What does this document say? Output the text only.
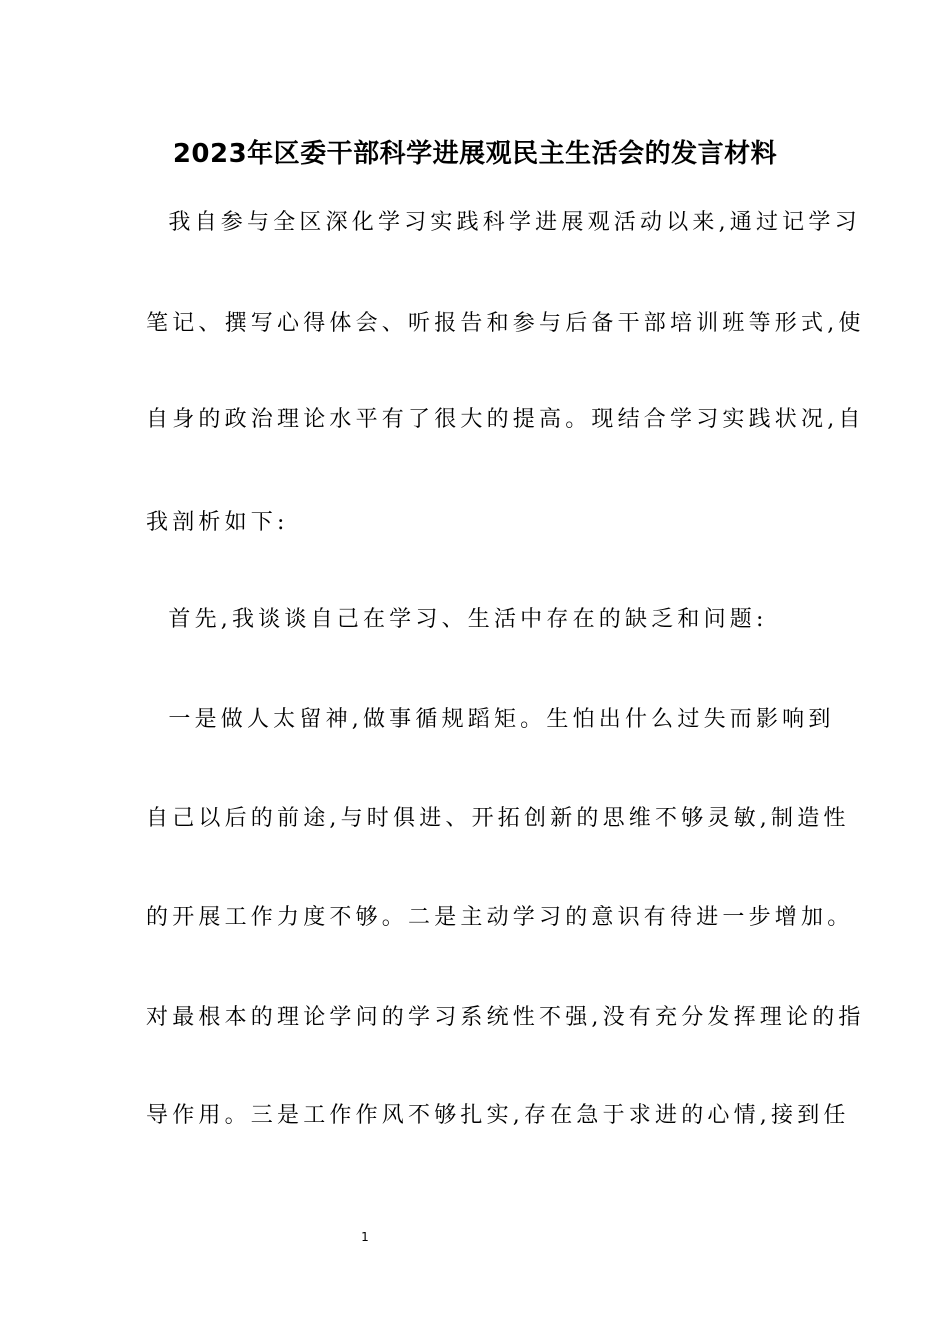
2023年区委干部科学进展观民主生活会的发言材料
我自参与全区深化学习实践科学进展观活动以来,通过记学习
笔记、撰写心得体会、听报告和参与后备干部培训班等形式,使
自身的政治理论水平有了很大的提高。现结合学习实践状况,自
我剖析如下:
首先,我谈谈自己在学习、生活中存在的缺乏和问题:
一是做人太留神,做事循规蹈矩。生怕出什么过失而影响到
自己以后的前途,与时俱进、开拓创新的思维不够灵敏,制造性
的开展工作力度不够。二是主动学习的意识有待进一步增加。
对最根本的理论学问的学习系统性不强,没有充分发挥理论的指
导作用。三是工作作风不够扎实,存在急于求进的心情,接到任
1
